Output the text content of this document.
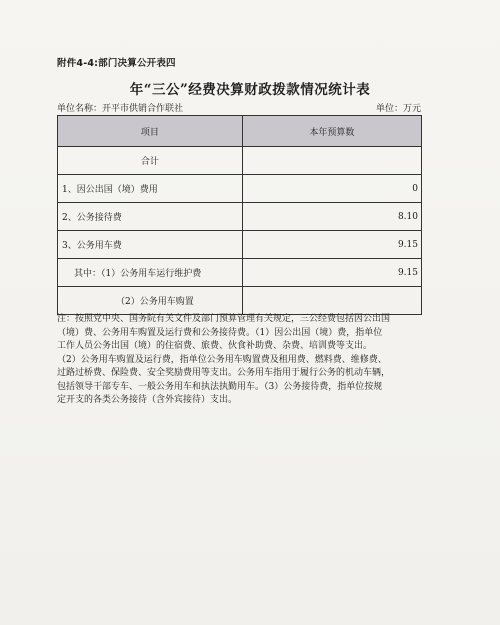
附件4-4:部门决算公开表四
年“三公”经费决算财政拨款情况统计表
单位名称：开平市供销合作联社	单位：万元
项目	本年预算数
合计	
1、因公出国（境）费用	0
2、公务接待费	8.10
3、公务用车费	9.15
其中：（1）公务用车运行维护费	9.15
（2）公务用车购置	
注：按照党中央、国务院有关文件及部门预算管理有关规定，三公经费包括因公出国
（境）费、公务用车购置及运行费和公务接待费。（1）因公出国（境）费，指单位
工作人员公务出国（境）的住宿费、旅费、伙食补助费、杂费、培训费等支出。
（2）公务用车购置及运行费，指单位公务用车购置费及租用费、燃料费、维修费、
过路过桥费、保险费、安全奖励费用等支出。公务用车指用于履行公务的机动车辆，
包括领导干部专车、一般公务用车和执法执勤用车。（3）公务接待费，指单位按规
定开支的各类公务接待（含外宾接待）支出。
